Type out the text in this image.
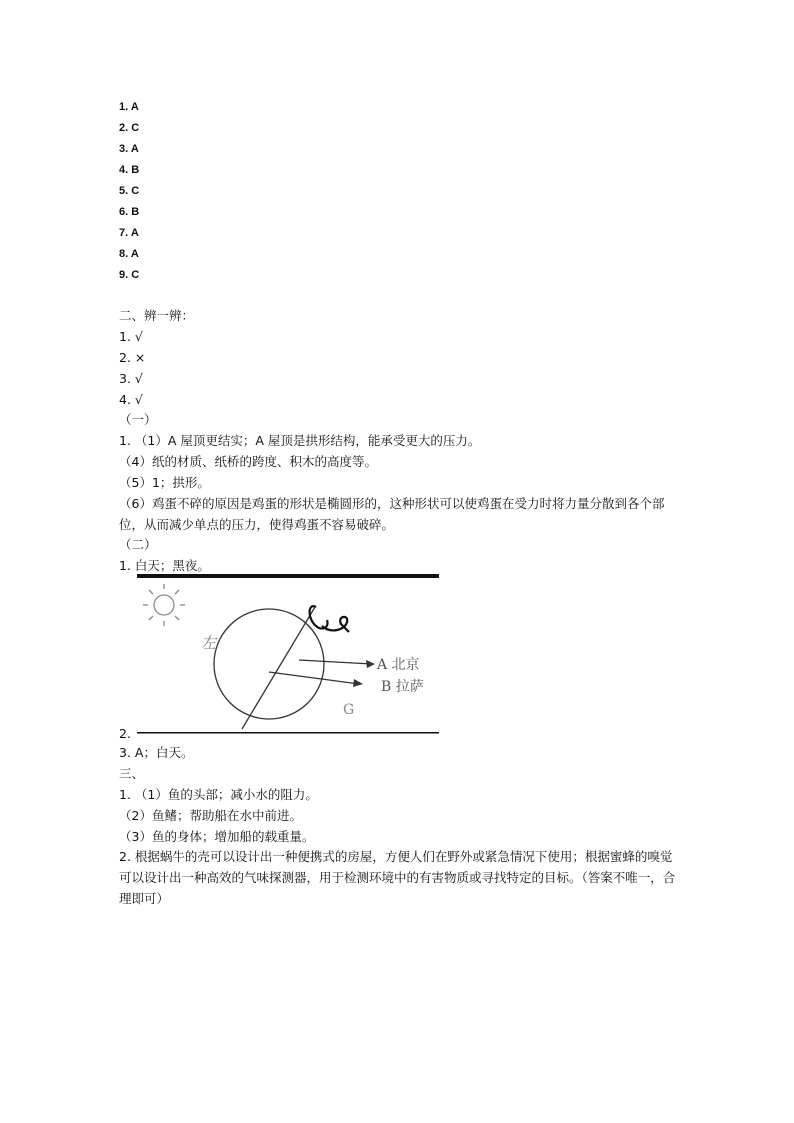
1. A
2. C
3. A
4. B
5. C
6. B
7. A
8. A
9. C
二、辨一辨：
1. √
2. ×
3. √
4. √
（一）
1. （1）A 屋顶更结实；A 屋顶是拱形结构，能承受更大的压力。
（4）纸的材质、纸桥的跨度、积木的高度等。
（5）1；拱形。
（6）鸡蛋不碎的原因是鸡蛋的形状是椭圆形的，这种形状可以使鸡蛋在受力时将力量分散到各个部位，从而减少单点的压力，使得鸡蛋不容易破碎。
（二）
1. 白天；黑夜。
2.
左
A 北京
B 拉萨
G
3. A；白天。
三、
1. （1）鱼的头部；减小水的阻力。
（2）鱼鳍；帮助船在水中前进。
（3）鱼的身体；增加船的载重量。
2. 根据蜗牛的壳可以设计出一种便携式的房屋，方便人们在野外或紧急情况下使用；根据蜜蜂的嗅觉可以设计出一种高效的气味探测器，用于检测环境中的有害物质或寻找特定的目标。（答案不唯一，合理即可）
